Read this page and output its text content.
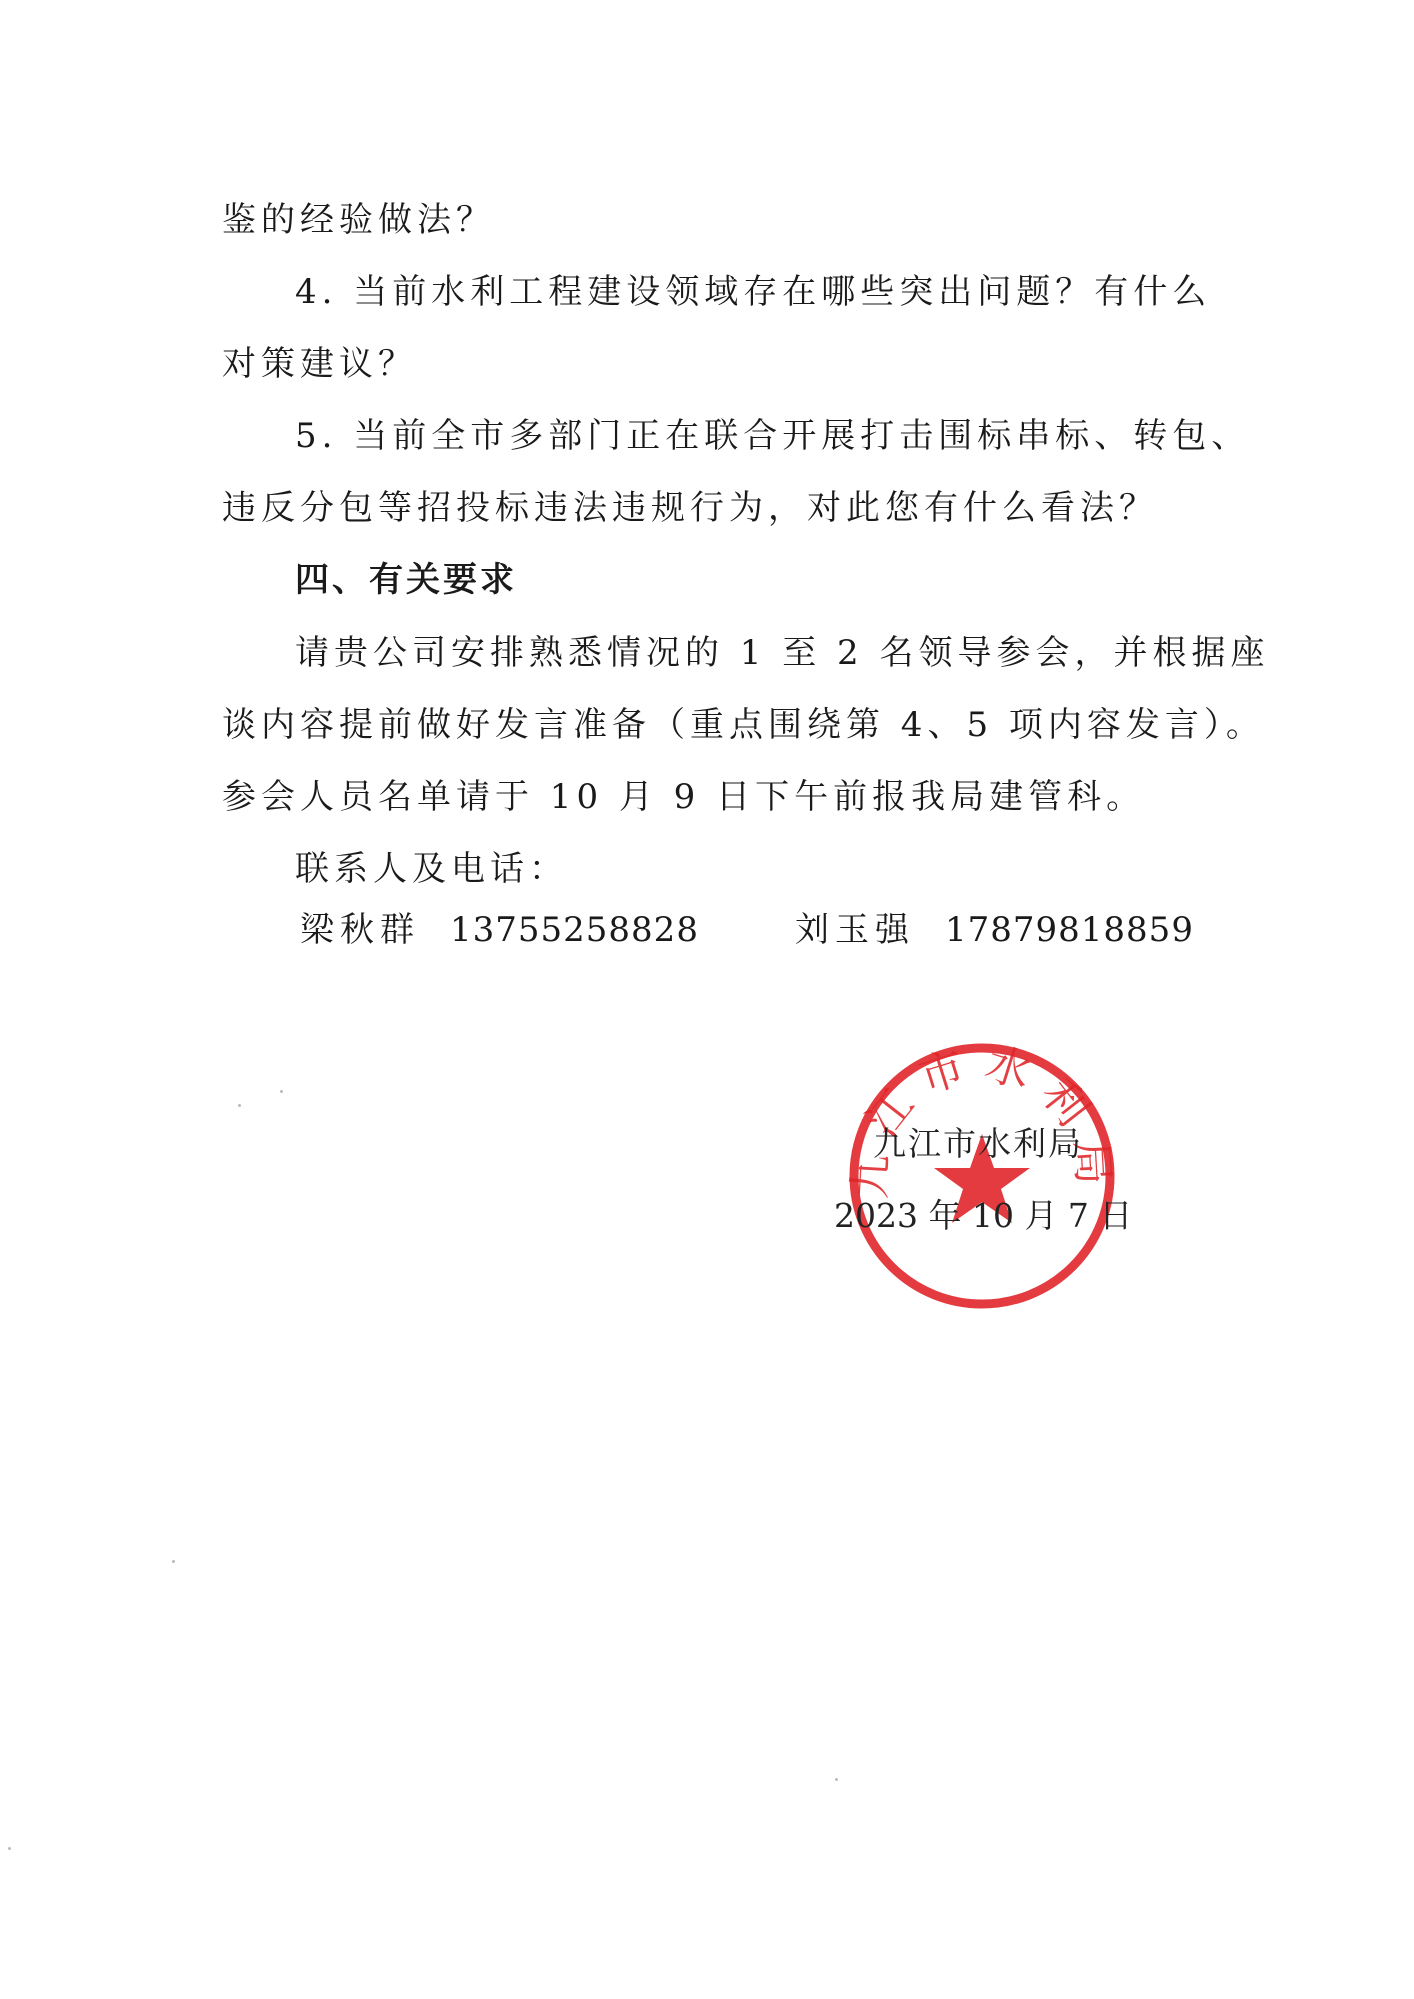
鉴的经验做法？
4. 当前水利工程建设领域存在哪些突出问题？有什么
对策建议？
5. 当前全市多部门正在联合开展打击围标串标、转包、
违反分包等招投标违法违规行为，对此您有什么看法？
四、有关要求
请贵公司安排熟悉情况的 1 至 2 名领导参会，并根据座
谈内容提前做好发言准备（重点围绕第 4、5 项内容发言）。
参会人员名单请于 10 月 9 日下午前报我局建管科。
联系人及电话：
梁秋群 13755258828	刘玉强 17879818859
九江市水利局
九江市水利局
2023 年 10 月 7 日
